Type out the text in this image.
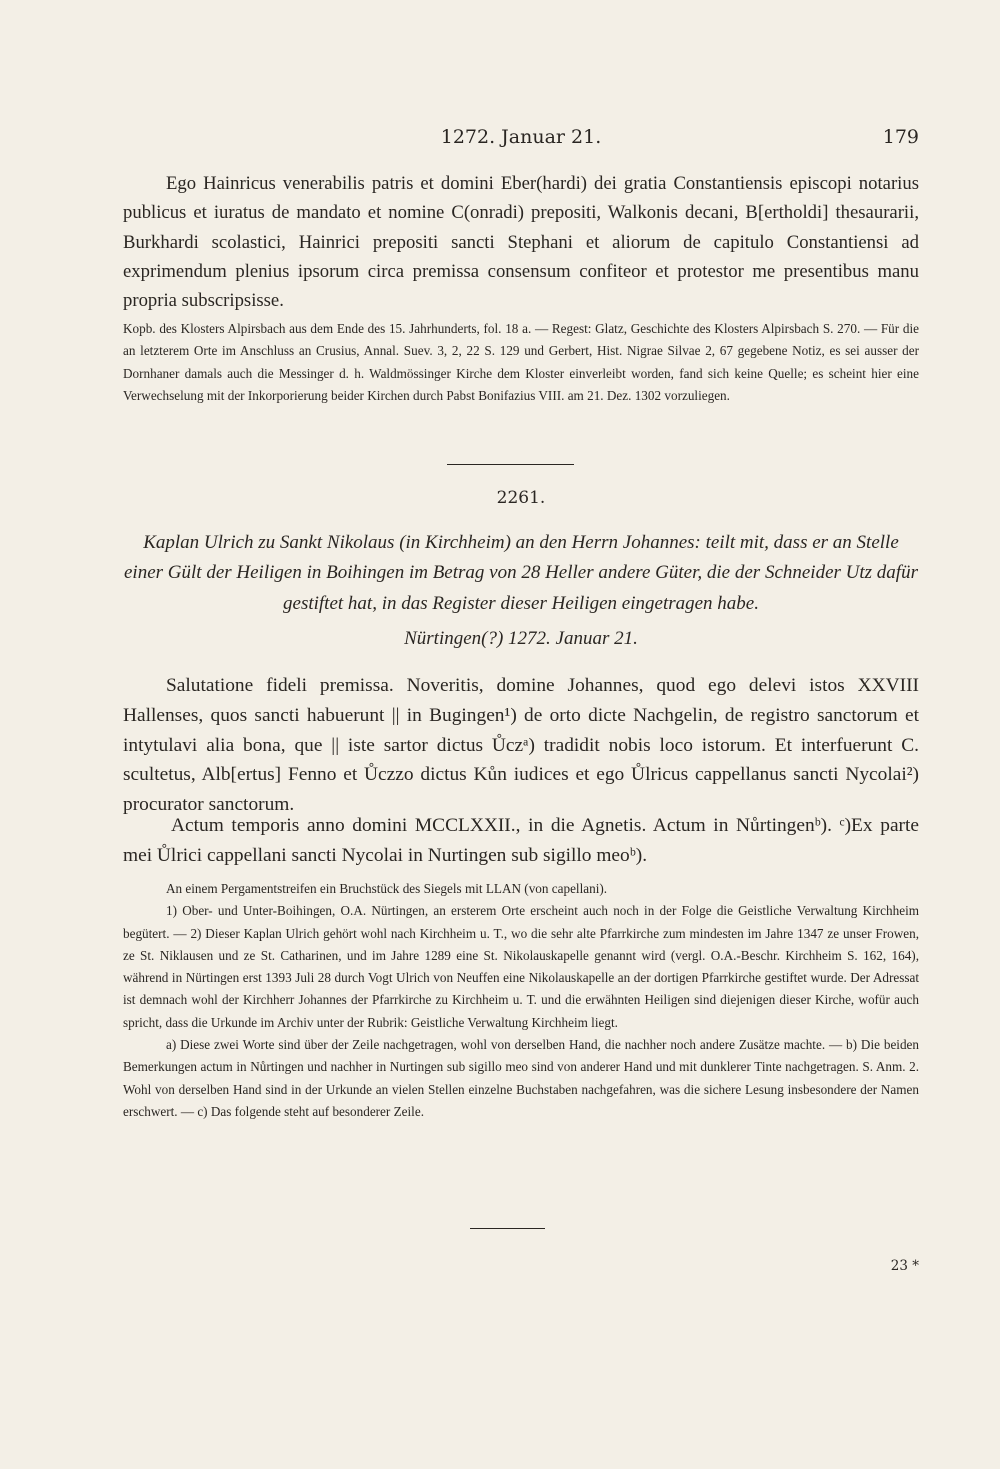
1272. Januar 21.	179
Ego Hainricus venerabilis patris et domini Eber(hardi) dei gratia Constantiensis episcopi notarius publicus et iuratus de mandato et nomine C(onradi) prepositi, Walkonis decani, B[ertholdi] thesaurarii, Burkhardi scolastici, Hainrici prepositi sancti Stephani et aliorum de capitulo Constantiensi ad exprimendum plenius ipsorum circa premissa consensum confiteor et protestor me presentibus manu propria subscripsisse.
Kopb. des Klosters Alpirsbach aus dem Ende des 15. Jahrhunderts, fol. 18 a. — Regest: Glatz, Geschichte des Klosters Alpirsbach S. 270. — Für die an letzterem Orte im Anschluss an Crusius, Annal. Suev. 3, 2, 22 S. 129 und Gerbert, Hist. Nigrae Silvae 2, 67 gegebene Notiz, es sei ausser der Dornhaner damals auch die Messinger d. h. Waldmössinger Kirche dem Kloster einverleibt worden, fand sich keine Quelle; es scheint hier eine Verwechselung mit der Inkorporierung beider Kirchen durch Pabst Bonifazius VIII. am 21. Dez. 1302 vorzuliegen.
2261.
Kaplan Ulrich zu Sankt Nikolaus (in Kirchheim) an den Herrn Johannes: teilt mit, dass er an Stelle einer Gült der Heiligen in Boihingen im Betrag von 28 Heller andere Güter, die der Schneider Utz dafür gestiftet hat, in das Register dieser Heiligen eingetragen habe.
Nürtingen(?) 1272. Januar 21.
Salutatione fideli premissa. Noveritis, domine Johannes, quod ego delevi istos XXVIII Hallenses, quos sancti habuerunt || in Bugingen¹) de orto dicte Nachgelin, de registro sanctorum et intytulavi alia bona, que || iste sartor dictus Ůczᵃ) tradidit nobis loco istorum. Et interfuerunt C. scultetus, Alb[ertus] Fenno et Ůczzo dictus Kůn iudices et ego Ůlricus cappellanus sancti Nycolai²) procurator sanctorum.
Actum temporis anno domini MCCLXXII., in die Agnetis. Actum in Nůrtingenᵇ). ᶜ)Ex parte mei Ůlrici cappellani sancti Nycolai in Nurtingen sub sigillo meoᵇ).
An einem Pergamentstreifen ein Bruchstück des Siegels mit LLAN (von capellani).
1) Ober- und Unter-Boihingen, O.A. Nürtingen, an ersterem Orte erscheint auch noch in der Folge die Geistliche Verwaltung Kirchheim begütert. — 2) Dieser Kaplan Ulrich gehört wohl nach Kirchheim u. T., wo die sehr alte Pfarrkirche zum mindesten im Jahre 1347 ze unser Frowen, ze St. Niklausen und ze St. Catharinen, und im Jahre 1289 eine St. Nikolauskapelle genannt wird (vergl. O.A.-Beschr. Kirchheim S. 162, 164), während in Nürtingen erst 1393 Juli 28 durch Vogt Ulrich von Neuffen eine Nikolauskapelle an der dortigen Pfarrkirche gestiftet wurde. Der Adressat ist demnach wohl der Kirchherr Johannes der Pfarrkirche zu Kirchheim u. T. und die erwähnten Heiligen sind diejenigen dieser Kirche, wofür auch spricht, dass die Urkunde im Archiv unter der Rubrik: Geistliche Verwaltung Kirchheim liegt.
a) Diese zwei Worte sind über der Zeile nachgetragen, wohl von derselben Hand, die nachher noch andere Zusätze machte. — b) Die beiden Bemerkungen actum in Nůrtingen und nachher in Nurtingen sub sigillo meo sind von anderer Hand und mit dunklerer Tinte nachgetragen. S. Anm. 2. Wohl von derselben Hand sind in der Urkunde an vielen Stellen einzelne Buchstaben nachgefahren, was die sichere Lesung insbesondere der Namen erschwert. — c) Das folgende steht auf besonderer Zeile.
23 *
